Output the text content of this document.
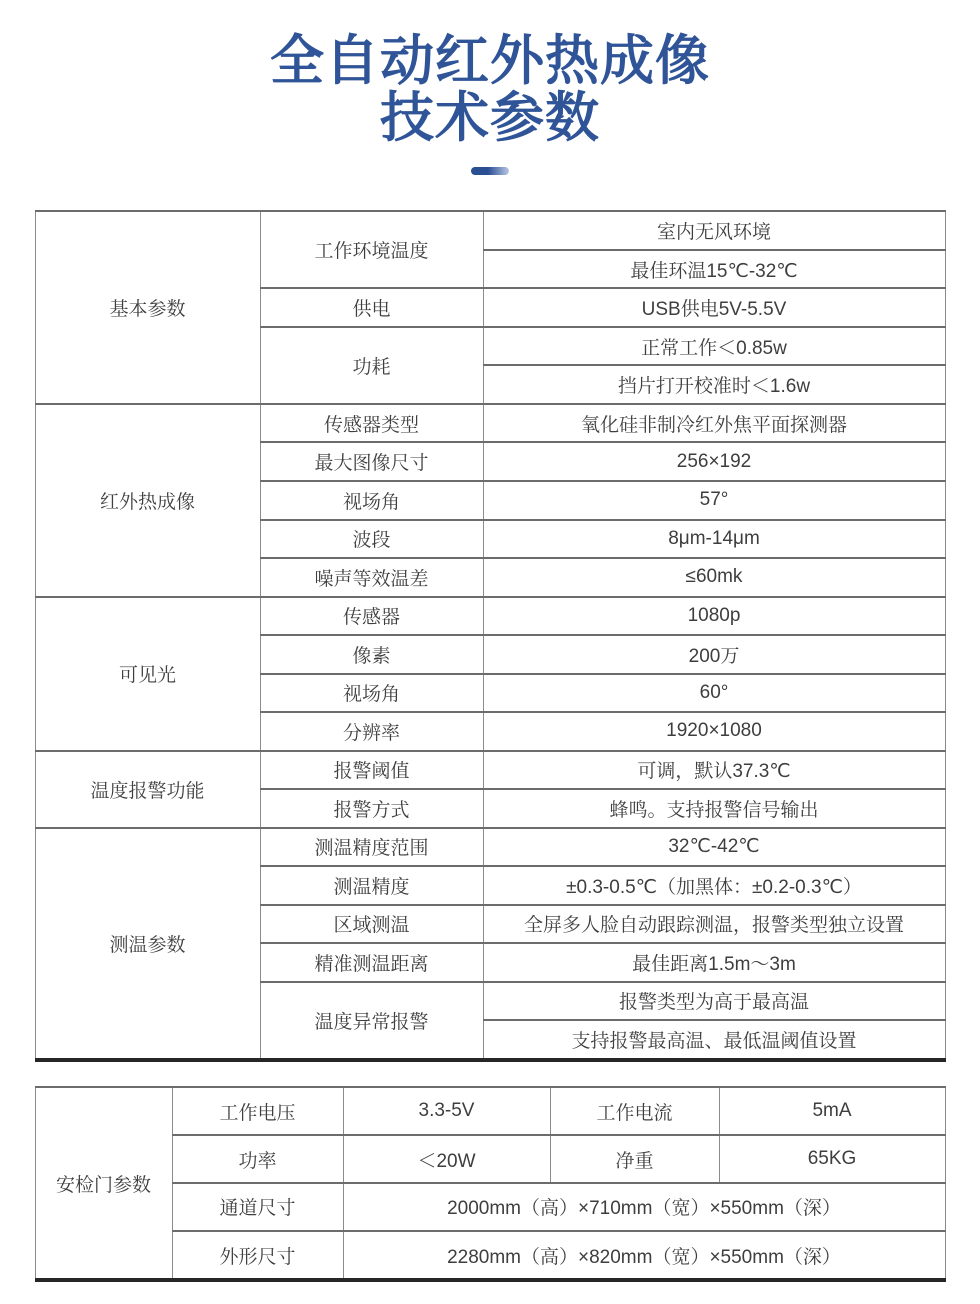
全自动红外热成像
技术参数
基本参数	工作环境温度	室内无风环境
		最佳环温15℃-32℃
	供电	USB供电5V-5.5V
	功耗	正常工作＜0.85w
		挡片打开校准时＜1.6w
红外热成像	传感器类型	氧化硅非制冷红外焦平面探测器
	最大图像尺寸	256×192
	视场角	57°
	波段	8μm-14μm
	噪声等效温差	≤60mk
可见光	传感器	1080p
	像素	200万
	视场角	60°
	分辨率	1920×1080
温度报警功能	报警阈值	可调，默认37.3℃
	报警方式	蜂鸣。支持报警信号输出
测温参数	测温精度范围	32℃-42℃
	测温精度	±0.3-0.5℃（加黑体：±0.2-0.3℃）
	区域测温	全屏多人脸自动跟踪测温，报警类型独立设置
	精准测温距离	最佳距离1.5m～3m
	温度异常报警	报警类型为高于最高温
		支持报警最高温、最低温阈值设置
安检门参数	工作电压	3.3-5V	工作电流	5mA
	功率	＜20W	净重	65KG
	通道尺寸	2000mm（高）×710mm（宽）×550mm（深）		
	外形尺寸	2280mm（高）×820mm（宽）×550mm（深）		
